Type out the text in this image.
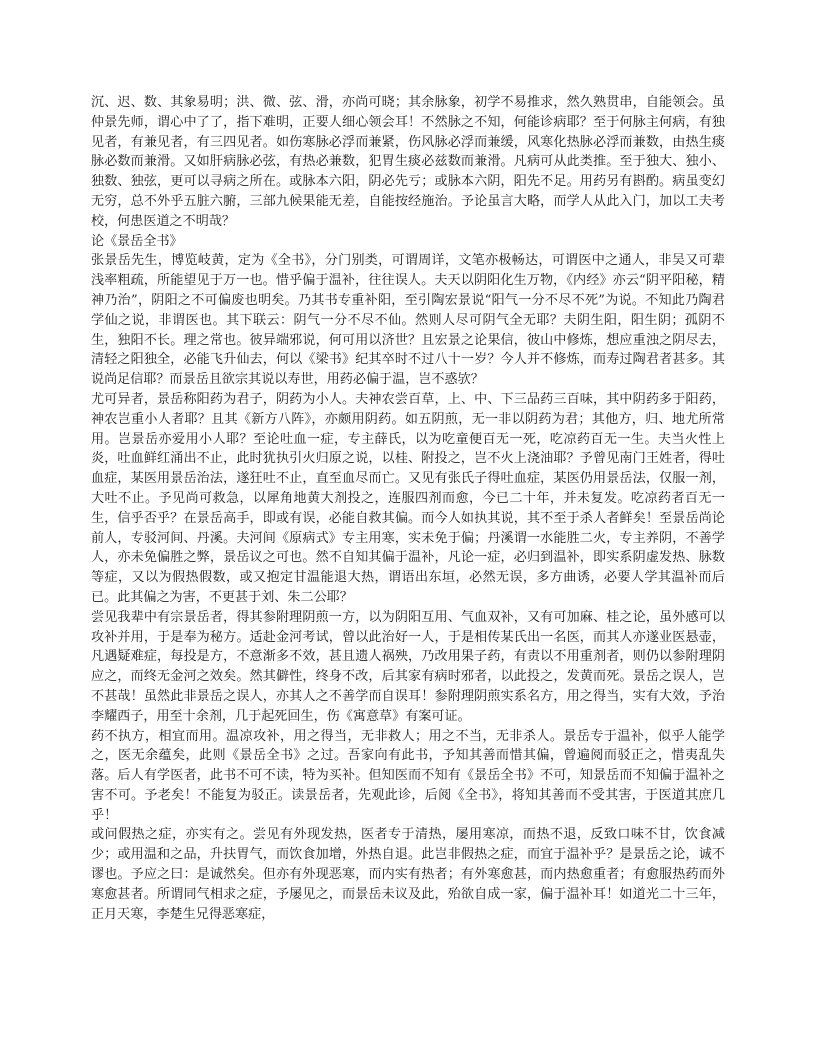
沉、迟、数、其象易明；洪、微、弦、滑，亦尚可晓；其余脉象，初学不易推求，然久熟贯串，自能领会。虽仲景先师，谓心中了了，指下难明，正要人细心领会耳！不然脉之不知，何能诊病耶？至于何脉主何病，有独见者，有兼见者，有三四见者。如伤寒脉必浮而兼紧，伤风脉必浮而兼缓，风寒化热脉必浮而兼数，由热生痰脉必数而兼滑。又如肝病脉必弦，有热必兼数，犯胃生痰必兹数而兼滑。凡病可从此类推。至于独大、独小、独数、独弦，更可以寻病之所在。或脉本六阳，阴必先亏；或脉本六阴，阳先不足。用药另有斟酌。病虽变幻无穷，总不外乎五脏六腑，三部九候果能无差，自能按经施治。予论虽言大略，而学人从此入门，加以工夫考校，何患医道之不明哉？

论《景岳全书》

张景岳先生，博览岐黄，定为《全书》，分门别类，可谓周详，文笔亦极畅达，可谓医中之通人，非吴又可辈浅率粗疏，所能望见于万一也。惜乎偏于温补，往往误人。夫天以阴阳化生万物，《内经》亦云“阴平阳秘，精神乃治”，阴阳之不可偏废也明矣。乃其书专重补阳，至引陶宏景说“阳气一分不尽不死”为说。不知此乃陶君学仙之说，非谓医也。其下联云：阴气一分不尽不仙。然则人尽可阴气全无耶？夫阴生阳，阳生阴；孤阴不生，独阳不长。理之常也。彼异端邪说，何可用以济世？且宏景之论果信，彼山中修炼，想应重浊之阴尽去，清轻之阳独全，必能飞升仙去，何以《梁书》纪其卒时不过八十一岁？今人并不修炼，而寿过陶君者甚多。其说尚足信耶？而景岳且欲宗其说以寿世，用药必偏于温，岂不惑欤？

尤可异者，景岳称阳药为君子，阴药为小人。夫神农尝百草，上、中、下三品药三百味，其中阴药多于阳药，神农岂重小人者耶？且其《新方八阵》，亦颇用阴药。如五阴煎，无一非以阴药为君；其他方，归、地尤所常用。岂景岳亦爱用小人耶？至论吐血一症，专主薛氏，以为吃童便百无一死，吃凉药百无一生。夫当火性上炎，吐血鲜红涌出不止，此时犹执引火归原之说，以桂、附投之，岂不火上浇油耶？予曾见南门王姓者，得吐血症，某医用景岳治法，遂狂吐不止，直至血尽而亡。又见有张氏子得吐血症，某医仍用景岳法，仅服一剂，大吐不止。予见尚可救急，以犀角地黄大剂投之，连服四剂而愈，今已二十年，并未复发。吃凉药者百无一生，信乎否乎？在景岳高手，即或有误，必能自救其偏。而今人如执其说，其不至于杀人者鲜矣！至景岳尚论前人，专驳河间、丹溪。夫河间《原病式》专主用寒，实未免于偏；丹溪谓一水能胜二火，专主养阴，不善学人，亦未免偏胜之弊，景岳议之可也。然不自知其偏于温补，凡论一症，必归到温补，即实系阴虚发热、脉数等症，又以为假热假数，或又抱定甘温能退大热，谓语出东垣，必然无误，多方曲诱，必要人学其温补而后已。此其偏之为害，不更甚于刘、朱二公耶？

尝见我辈中有宗景岳者，得其参附理阴煎一方，以为阴阳互用、气血双补，又有可加麻、桂之论，虽外感可以攻补并用，于是奉为秘方。适赴金河考试，曾以此治好一人，于是相传某氏出一名医，而其人亦遂业医悬壶，凡遇疑难症，每投是方，不意渐多不效，甚且遗人祸殃，乃改用果子药，有责以不用重剂者，则仍以参附理阴应之，而终无金河之效矣。然其僻性，终身不改，后其家有病时邪者，以此投之，发黄而死。景岳之误人，岂不甚哉！虽然此非景岳之误人，亦其人之不善学而自误耳！参附理阴煎实系名方，用之得当，实有大效，予治李耀西子，用至十余剂，几于起死回生，伤《寓意草》有案可证。

药不执方，相宜而用。温凉攻补，用之得当，无非救人；用之不当，无非杀人。景岳专于温补，似乎人能学之，医无余蕴矣，此则《景岳全书》之过。吾家向有此书，予知其善而惜其偏，曾遍阅而驳正之，惜夷乱失落。后人有学医者，此书不可不读，特为买补。但知医而不知有《景岳全书》不可，知景岳而不知偏于温补之害不可。予老矣！不能复为驳正。读景岳者，先观此诊，后阅《全书》，将知其善而不受其害，于医道其庶几乎！

或问假热之症，亦实有之。尝见有外现发热，医者专于清热，屡用寒凉，而热不退，反致口味不甘，饮食减少；或用温和之品，升扶胃气，而饮食加增，外热自退。此岂非假热之症，而宜于温补乎？是景岳之论，诚不谬也。予应之曰：是诚然矣。但亦有外现恶寒，而内实有热者；有外寒愈甚，而内热愈重者；有愈服热药而外寒愈甚者。所谓同气相求之症，予屡见之，而景岳未议及此，殆欲自成一家，偏于温补耳！如道光二十三年，正月天寒，李楚生兄得恶寒症，
